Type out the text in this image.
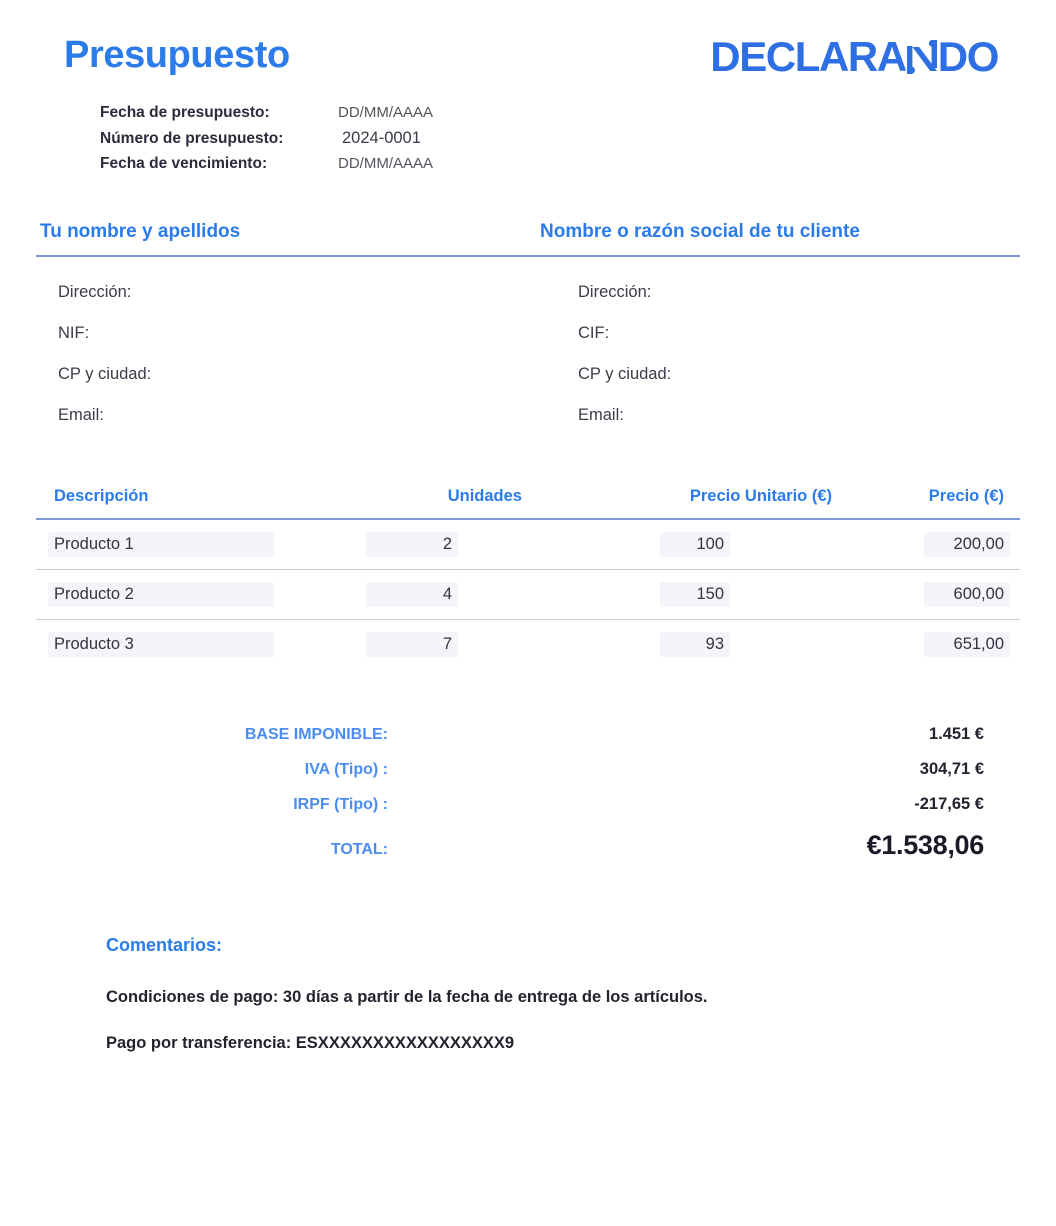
Presupuesto	DECLARA DO
Fecha de presupuesto:	DD/MM/AAAA
Número de presupuesto:	2024-0001
Fecha de vencimiento:	DD/MM/AAAA
Tu nombre y apellidos	Nombre o razón social de tu cliente
Dirección:
NIF:
CP y ciudad:
Email:
Dirección:
CIF:
CP y ciudad:
Email:
Descripción	Unidades	Precio Unitario (€)	Precio (€)
Producto 1	2	100	200,00
Producto 2	4	150	600,00
Producto 3	7	93	651,00
BASE IMPONIBLE:	1.451 €
IVA (Tipo) :	304,71 €
IRPF (Tipo) :	-217,65 €
TOTAL:	€1.538,06
Comentarios:
Condiciones de pago: 30 días a partir de la fecha de entrega de los artículos.
Pago por transferencia: ESXXXXXXXXXXXXXXXXX9
